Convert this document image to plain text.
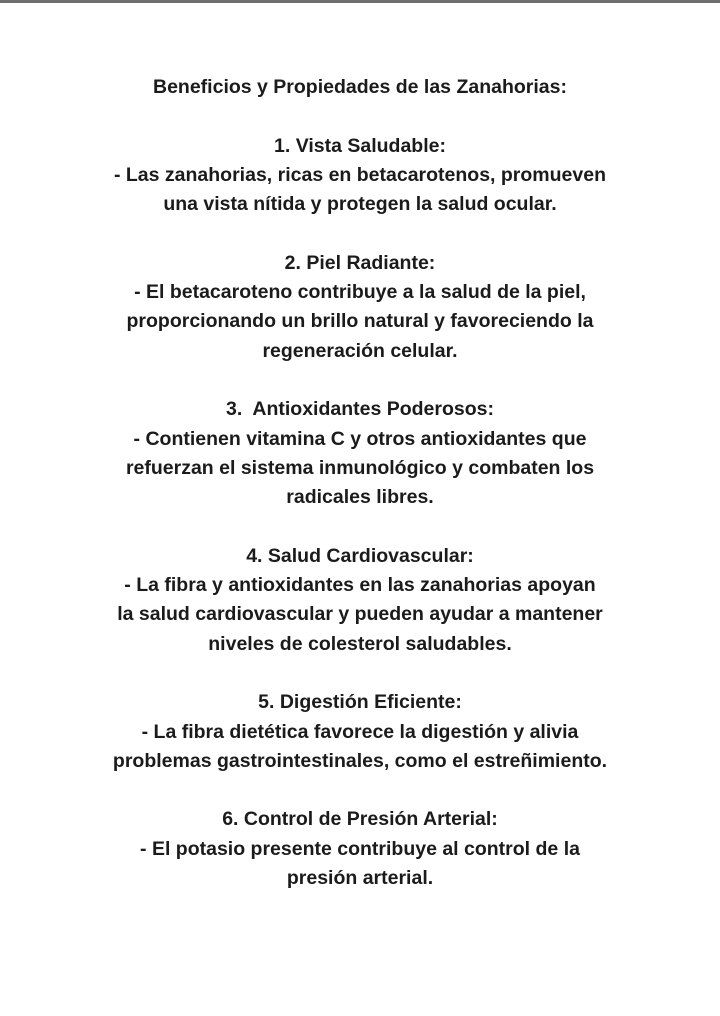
Beneficios y Propiedades de las Zanahorias:

1. Vista Saludable:

- Las zanahorias, ricas en betacarotenos, promueven

una vista nítida y protegen la salud ocular.

2. Piel Radiante:

- El betacaroteno contribuye a la salud de la piel,

proporcionando un brillo natural y favoreciendo la

regeneración celular.

3.  Antioxidantes Poderosos:

- Contienen vitamina C y otros antioxidantes que

refuerzan el sistema inmunológico y combaten los

radicales libres.

4. Salud Cardiovascular:

- La fibra y antioxidantes en las zanahorias apoyan

la salud cardiovascular y pueden ayudar a mantener

niveles de colesterol saludables.

5. Digestión Eficiente:

- La fibra dietética favorece la digestión y alivia

problemas gastrointestinales, como el estreñimiento.

6. Control de Presión Arterial:

- El potasio presente contribuye al control de la

presión arterial.
